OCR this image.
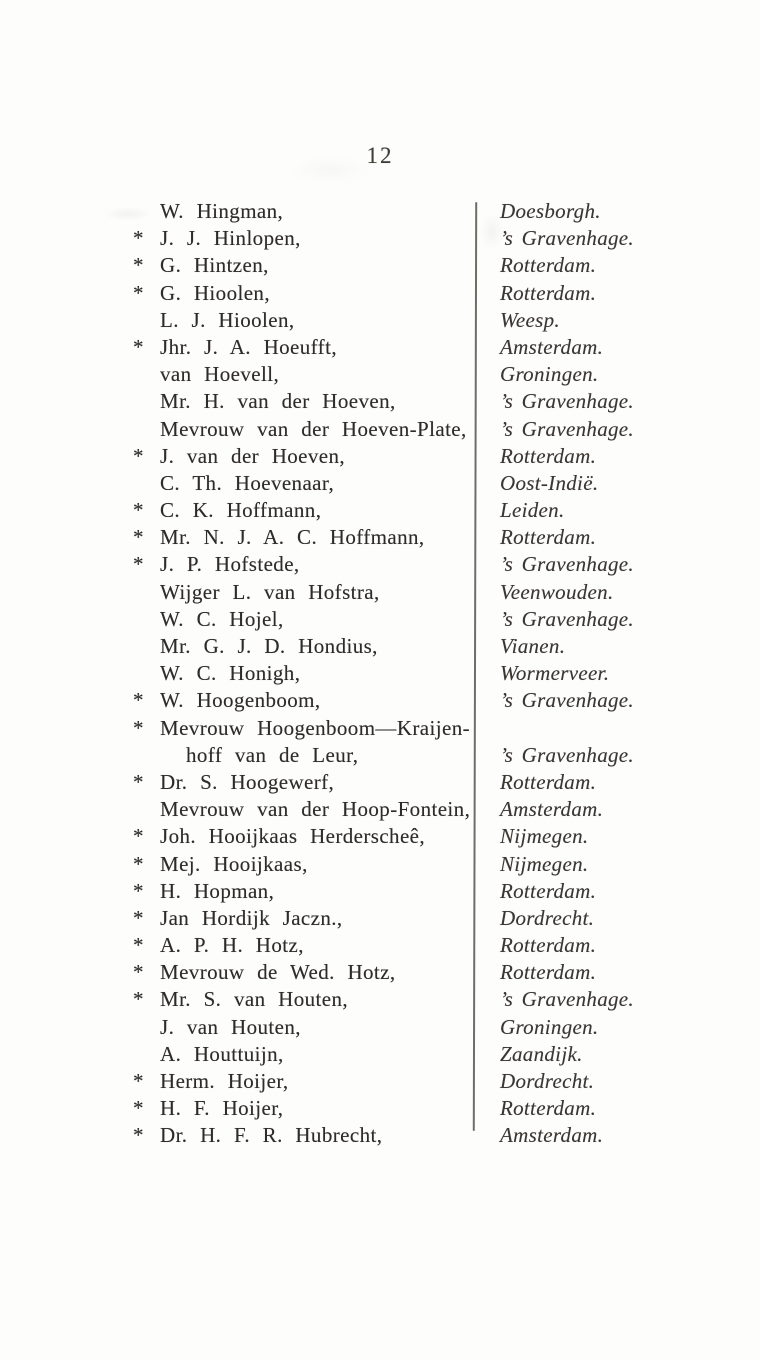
12
W. Hingman,	Doesborgh.
* J. J. Hinlopen,	’s Gravenhage.
* G. Hintzen,	Rotterdam.
* G. Hioolen,	Rotterdam.
L. J. Hioolen,	Weesp.
* Jhr. J. A. Hoeufft,	Amsterdam.
van Hoevell,	Groningen.
Mr. H. van der Hoeven,	’s Gravenhage.
Mevrouw van der Hoeven-Plate,	’s Gravenhage.
* J. van der Hoeven,	Rotterdam.
C. Th. Hoevenaar,	Oost-Indië.
* C. K. Hoffmann,	Leiden.
* Mr. N. J. A. C. Hoffmann,	Rotterdam.
* J. P. Hofstede,	’s Gravenhage.
Wijger L. van Hofstra,	Veenwouden.
W. C. Hojel,	’s Gravenhage.
Mr. G. J. D. Hondius,	Vianen.
W. C. Honigh,	Wormerveer.
* W. Hoogenboom,	’s Gravenhage.
* Mevrouw Hoogenboom—Kraijen-
hoff van de Leur,	’s Gravenhage.
* Dr. S. Hoogewerf,	Rotterdam.
Mevrouw van der Hoop-Fontein,	Amsterdam.
* Joh. Hooijkaas Herderscheê,	Nijmegen.
* Mej. Hooijkaas,	Nijmegen.
* H. Hopman,	Rotterdam.
* Jan Hordijk Jaczn.,	Dordrecht.
* A. P. H. Hotz,	Rotterdam.
* Mevrouw de Wed. Hotz,	Rotterdam.
* Mr. S. van Houten,	’s Gravenhage.
J. van Houten,	Groningen.
A. Houttuijn,	Zaandijk.
* Herm. Hoijer,	Dordrecht.
* H. F. Hoijer,	Rotterdam.
* Dr. H. F. R. Hubrecht,	Amsterdam.
